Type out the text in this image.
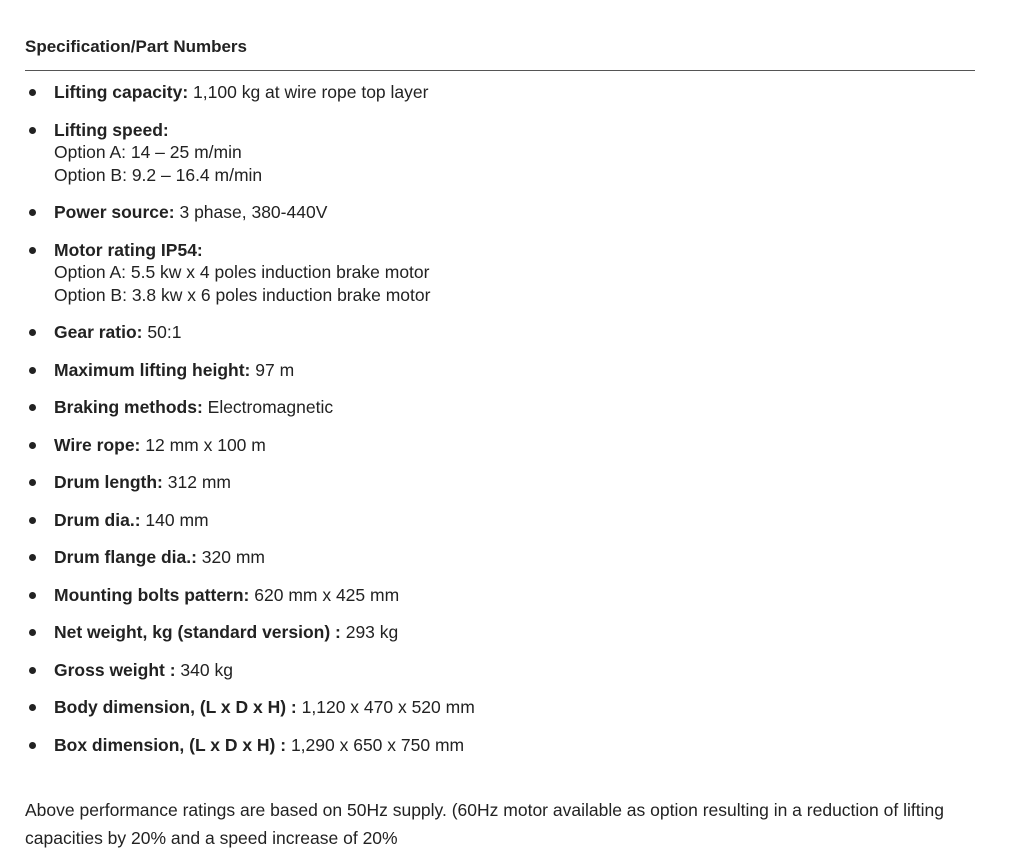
Specification/Part Numbers
Lifting capacity: 1,100 kg at wire rope top layer
Lifting speed:
Option A: 14 – 25 m/min
Option B: 9.2 – 16.4 m/min
Power source: 3 phase, 380-440V
Motor rating IP54:
Option A: 5.5 kw x 4 poles induction brake motor
Option B: 3.8 kw x 6 poles induction brake motor
Gear ratio: 50:1
Maximum lifting height: 97 m
Braking methods: Electromagnetic
Wire rope: 12 mm x 100 m
Drum length: 312 mm
Drum dia.: 140 mm
Drum flange dia.: 320 mm
Mounting bolts pattern: 620 mm x 425 mm
Net weight, kg (standard version) : 293 kg
Gross weight : 340 kg
Body dimension, (L x D x H) : 1,120 x 470 x 520 mm
Box dimension, (L x D x H) : 1,290 x 650 x 750 mm

Above performance ratings are based on 50Hz supply. (60Hz motor available as option resulting in a reduction of lifting capacities by 20% and a speed increase of 20%
